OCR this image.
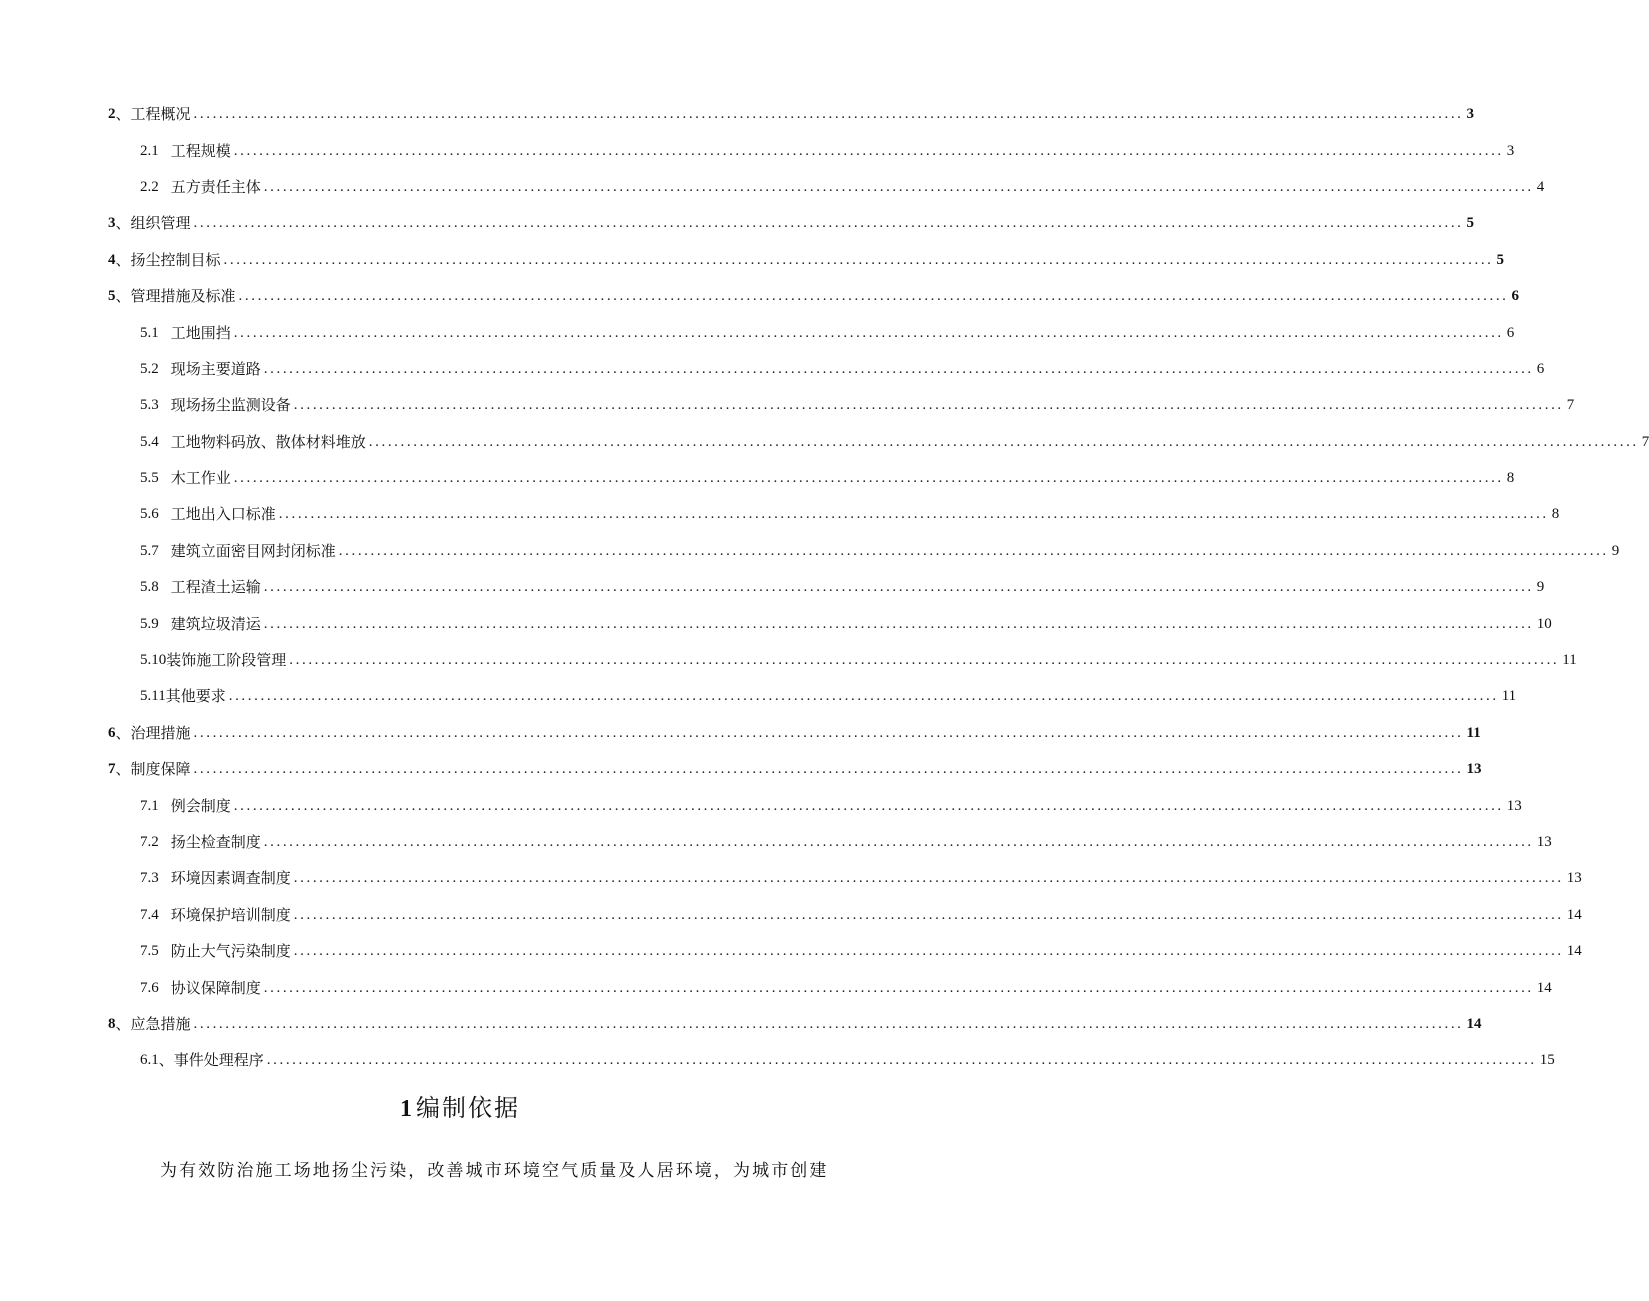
2 、工程概况 ........................................................................................................................................................................................................ 3
2.1 工程规模 ........................................................................................................................................................................................................ 3
2.2 五方责任主体 ........................................................................................................................................................................................................ 4
3 、组织管理 ........................................................................................................................................................................................................ 5
4 、扬尘控制目标 ........................................................................................................................................................................................................ 5
5 、管理措施及标准 ........................................................................................................................................................................................................ 6
5.1 工地围挡 ........................................................................................................................................................................................................ 6
5.2 现场主要道路 ........................................................................................................................................................................................................ 6
5.3 现场扬尘监测设备 ........................................................................................................................................................................................................ 7
5.4 工地物料码放、散体材料堆放 ........................................................................................................................................................................................................ 7
5.5 木工作业 ........................................................................................................................................................................................................ 8
5.6 工地出入口标准 ........................................................................................................................................................................................................ 8
5.7 建筑立面密目网封闭标准 ........................................................................................................................................................................................................ 9
5.8 工程渣土运输 ........................................................................................................................................................................................................ 9
5.9 建筑垃圾清运 ........................................................................................................................................................................................................ 10
5.10 装饰施工阶段管理 ........................................................................................................................................................................................................ 11
5.11 其他要求 ........................................................................................................................................................................................................ 11
6 、治理措施 ........................................................................................................................................................................................................ 11
7 、制度保障 ........................................................................................................................................................................................................ 13
7.1 例会制度 ........................................................................................................................................................................................................ 13
7.2 扬尘检查制度 ........................................................................................................................................................................................................ 13
7.3 环境因素调查制度 ........................................................................................................................................................................................................ 13
7.4 环境保护培训制度 ........................................................................................................................................................................................................ 14
7.5 防止大气污染制度 ........................................................................................................................................................................................................ 14
7.6 协议保障制度 ........................................................................................................................................................................................................ 14
8 、应急措施 ........................................................................................................................................................................................................ 14
6.1 、事件处理程序 ........................................................................................................................................................................................................ 15
1编制依据
为有效防治施工场地扬尘污染，改善城市环境空气质量及人居环境，为城市创建
